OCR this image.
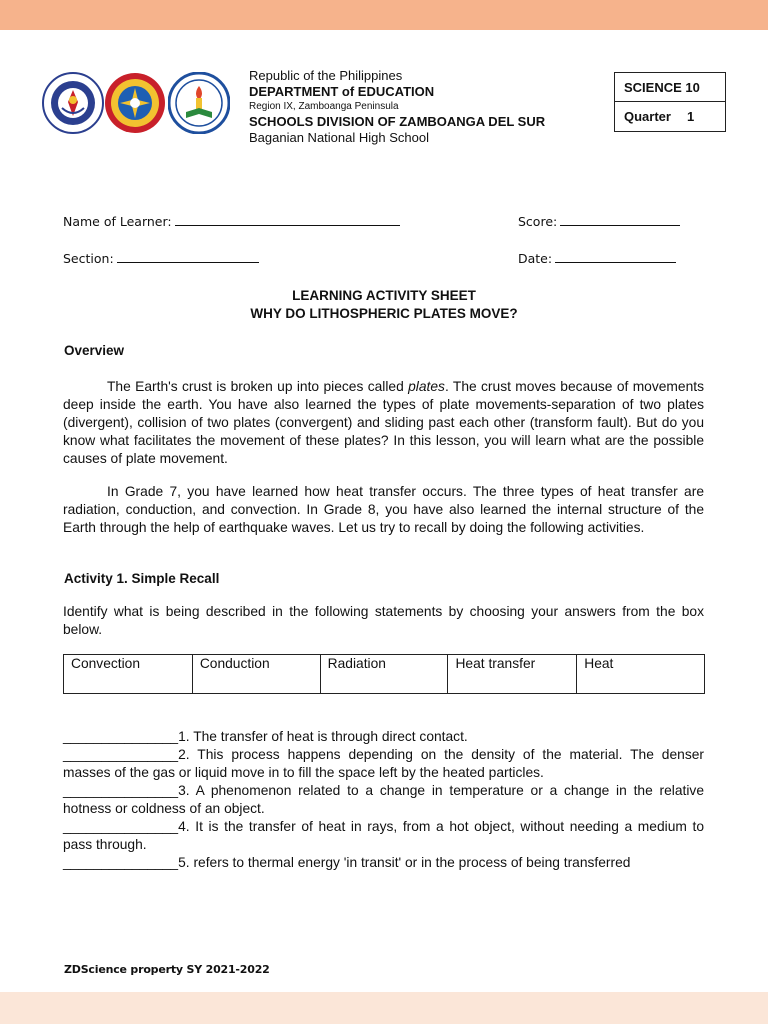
Republic of the Philippines
DEPARTMENT of EDUCATION
Region IX, Zamboanga Peninsula
SCHOOLS DIVISION OF ZAMBOANGA DEL SUR
Baganian National High School
SCIENCE 10
Quarter 1
Name of Learner:	Score:
Section:	Date:
LEARNING ACTIVITY SHEET
WHY DO LITHOSPHERIC PLATES MOVE?
Overview
The Earth's crust is broken up into pieces called plates. The crust moves because of movements deep inside the earth. You have also learned the types of plate movements-separation of two plates (divergent), collision of two plates (convergent) and sliding past each other (transform fault). But do you know what facilitates the movement of these plates? In this lesson, you will learn what are the possible causes of plate movement.
In Grade 7, you have learned how heat transfer occurs. The three types of heat transfer are radiation, conduction, and convection. In Grade 8, you have also learned the internal structure of the Earth through the help of earthquake waves. Let us try to recall by doing the following activities.
Activity 1. Simple Recall
Identify what is being described in the following statements by choosing your answers from the box below.
Convection	Conduction	Radiation	Heat transfer	Heat
_______________1. The transfer of heat is through direct contact.
_______________2. This process happens depending on the density of the material. The denser masses of the gas or liquid move in to fill the space left by the heated particles.
_______________3. A phenomenon related to a change in temperature or a change in the relative hotness or coldness of an object.
_______________4. It is the transfer of heat in rays, from a hot object, without needing a medium to pass through.
_______________5. refers to thermal energy 'in transit' or in the process of being transferred
ZDScience property SY 2021-2022
